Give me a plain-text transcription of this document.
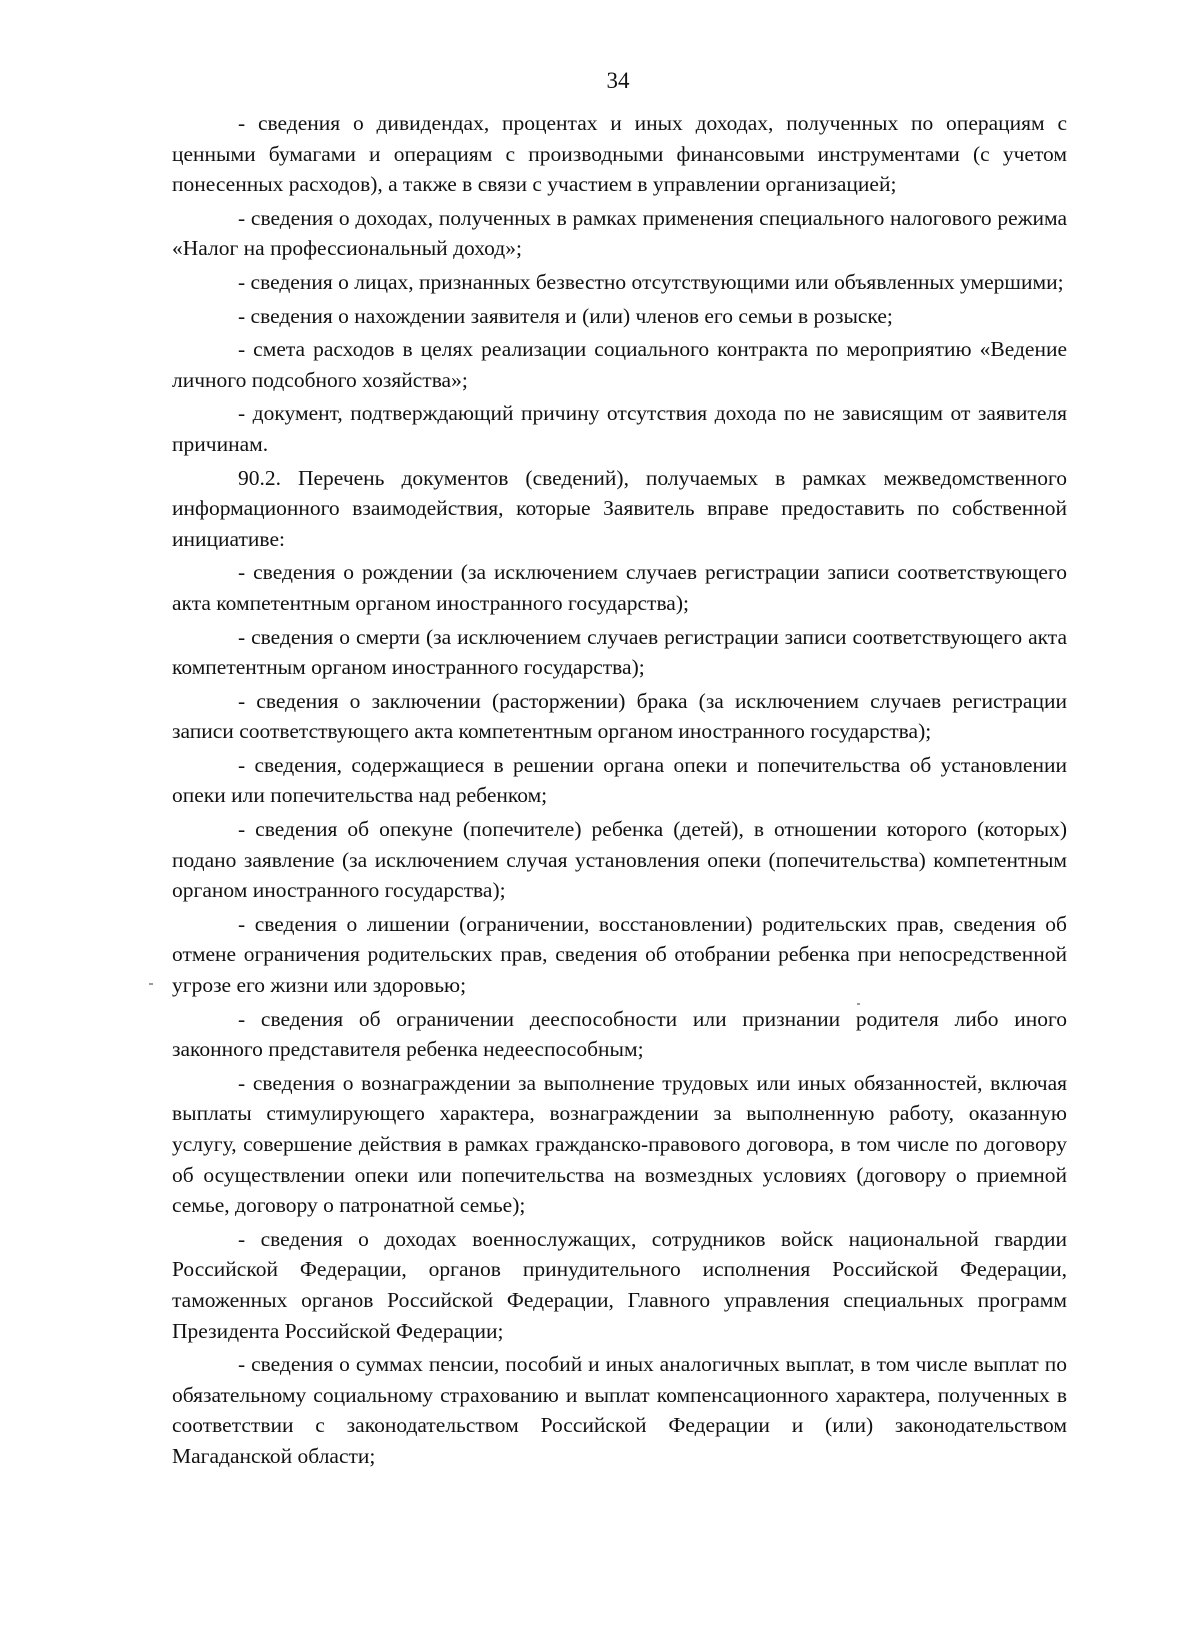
34

- сведения о дивидендах, процентах и иных доходах, полученных по операциям с ценными бумагами и операциям с производными финансовыми инструментами (с учетом понесенных расходов), а также в связи с участием в управлении организацией;

- сведения о доходах, полученных в рамках применения специального налогового режима «Налог на профессиональный доход»;

- сведения о лицах, признанных безвестно отсутствующими или объявленных умершими;

- сведения о нахождении заявителя и (или) членов его семьи в розыске;

- смета расходов в целях реализации социального контракта по мероприятию «Ведение личного подсобного хозяйства»;

- документ, подтверждающий причину отсутствия дохода по не зависящим от заявителя причинам.

90.2. Перечень документов (сведений), получаемых в рамках межведомственного информационного взаимодействия, которые Заявитель вправе предоставить по собственной инициативе:

- сведения о рождении (за исключением случаев регистрации записи соответствующего акта компетентным органом иностранного государства);

- сведения о смерти (за исключением случаев регистрации записи соответствующего акта компетентным органом иностранного государства);

- сведения о заключении (расторжении) брака (за исключением случаев регистрации записи соответствующего акта компетентным органом иностранного государства);

- сведения, содержащиеся в решении органа опеки и попечительства об установлении опеки или попечительства над ребенком;

- сведения об опекуне (попечителе) ребенка (детей), в отношении которого (которых) подано заявление (за исключением случая установления опеки (попечительства) компетентным органом иностранного государства);

- сведения о лишении (ограничении, восстановлении) родительских прав, сведения об отмене ограничения родительских прав, сведения об отобрании ребенка при непосредственной угрозе его жизни или здоровью;

- сведения об ограничении дееспособности или признании родителя либо иного законного представителя ребенка недееспособным;

- сведения о вознаграждении за выполнение трудовых или иных обязанностей, включая выплаты стимулирующего характера, вознаграждении за выполненную работу, оказанную услугу, совершение действия в рамках гражданско-правового договора, в том числе по договору об осуществлении опеки или попечительства на возмездных условиях (договору о приемной семье, договору о патронатной семье);

- сведения о доходах военнослужащих, сотрудников войск национальной гвардии Российской Федерации, органов принудительного исполнения Российской Федерации, таможенных органов Российской Федерации, Главного управления специальных программ Президента Российской Федерации;

- сведения о суммах пенсии, пособий и иных аналогичных выплат, в том числе выплат по обязательному социальному страхованию и выплат компенсационного характера, полученных в соответствии с законодательством Российской Федерации и (или) законодательством Магаданской области;
